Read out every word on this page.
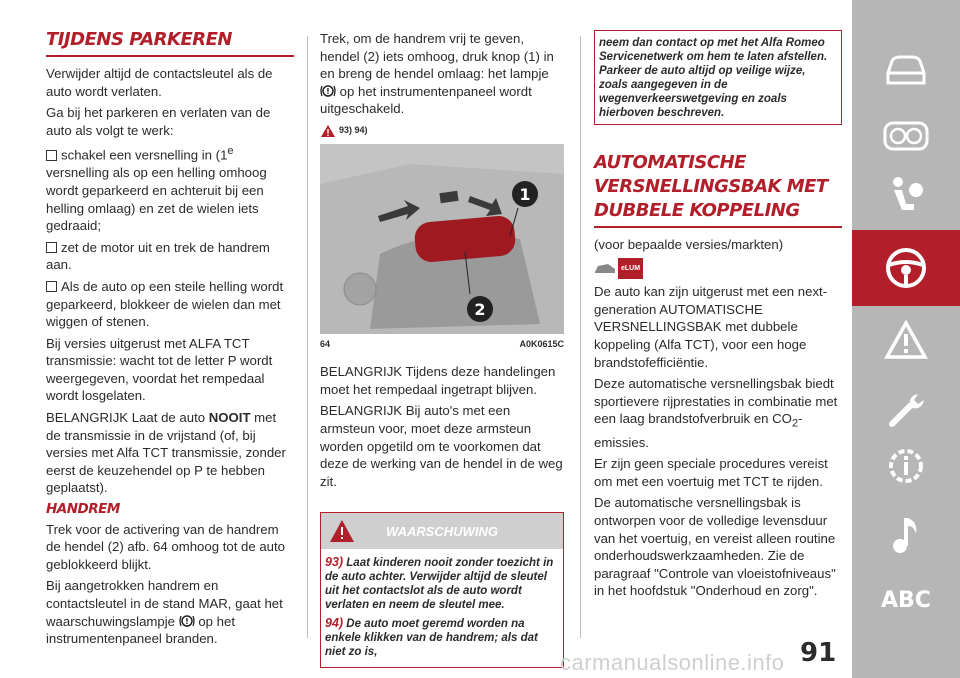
TIJDENS PARKEREN

Verwijder altijd de contactsleutel als de auto wordt verlaten.

Ga bij het parkeren en verlaten van de auto als volgt te werk:

schakel een versnelling in (1e
versnelling als op een helling omhoog wordt geparkeerd en achteruit bij een helling omlaag) en zet de wielen iets gedraaid;

zet de motor uit en trek de handrem aan.

Als de auto op een steile helling wordt geparkeerd, blokkeer de wielen dan met wiggen of stenen.

Bij versies uitgerust met ALFA TCT transmissie: wacht tot de letter P wordt weergegeven, voordat het rempedaal wordt losgelaten.

BELANGRIJK Laat de auto NOOIT met de transmissie in de vrijstand (of, bij versies met Alfa TCT transmissie, zonder eerst de keuzehendel op P te hebben geplaatst).

HANDREM

Trek voor de activering van de handrem de hendel (2) afb. 64 omhoog tot de auto geblokkeerd blijkt.

Bij aangetrokken handrem en contactsleutel in de stand MAR, gaat het waarschuwingslampje ! op het instrumentenpaneel branden.

Trek, om de handrem vrij te geven, hendel (2) iets omhoog, druk knop (1) in en breng de hendel omlaag: het lampje

! op het instrumentenpaneel wordt uitgeschakeld.

93) 94)
1
2
64	A0K0615C

BELANGRIJK Tijdens deze handelingen moet het rempedaal ingetrapt blijven.

BELANGRIJK Bij auto's met een armsteun voor, moet deze armsteun worden opgetild om te voorkomen dat deze de werking van de hendel in de weg zit.

WAARSCHUWING

93) Laat kinderen nooit zonder toezicht in de auto achter. Verwijder altijd de sleutel uit het contactslot als de auto wordt verlaten en neem de sleutel mee.

94) De auto moet geremd worden na enkele klikken van de handrem; als dat niet zo is,

neem dan contact op met het Alfa Romeo Servicenetwerk om hem te laten afstellen. Parkeer de auto altijd op veilige wijze, zoals aangegeven in de wegenverkeerswetgeving en zoals hierboven beschreven.
AUTOMATISCHE VERSNELLINGSBAK MET DUBBELE KOPPELING

(voor bepaalde versies/markten)

eLUM

De auto kan zijn uitgerust met een next-generation AUTOMATISCHE VERSNELLINGSBAK met dubbele koppeling (Alfa TCT), voor een hoge brandstofefficiëntie.

Deze automatische versnellingsbak biedt sportievere rijprestaties in combinatie met een laag brandstofverbruik en $CO_2$-emissies.

Er zijn geen speciale procedures vereist om met een voertuig met TCT te rijden.

De automatische versnellingsbak is ontworpen voor de volledige levensduur van het voertuig, en vereist alleen routine onderhoudswerkzaamheden. Zie de paragraaf "Controle van vloeistofniveaus" in het hoofdstuk "Onderhoud en zorg".	ABC
carmanualsonline.info 91
